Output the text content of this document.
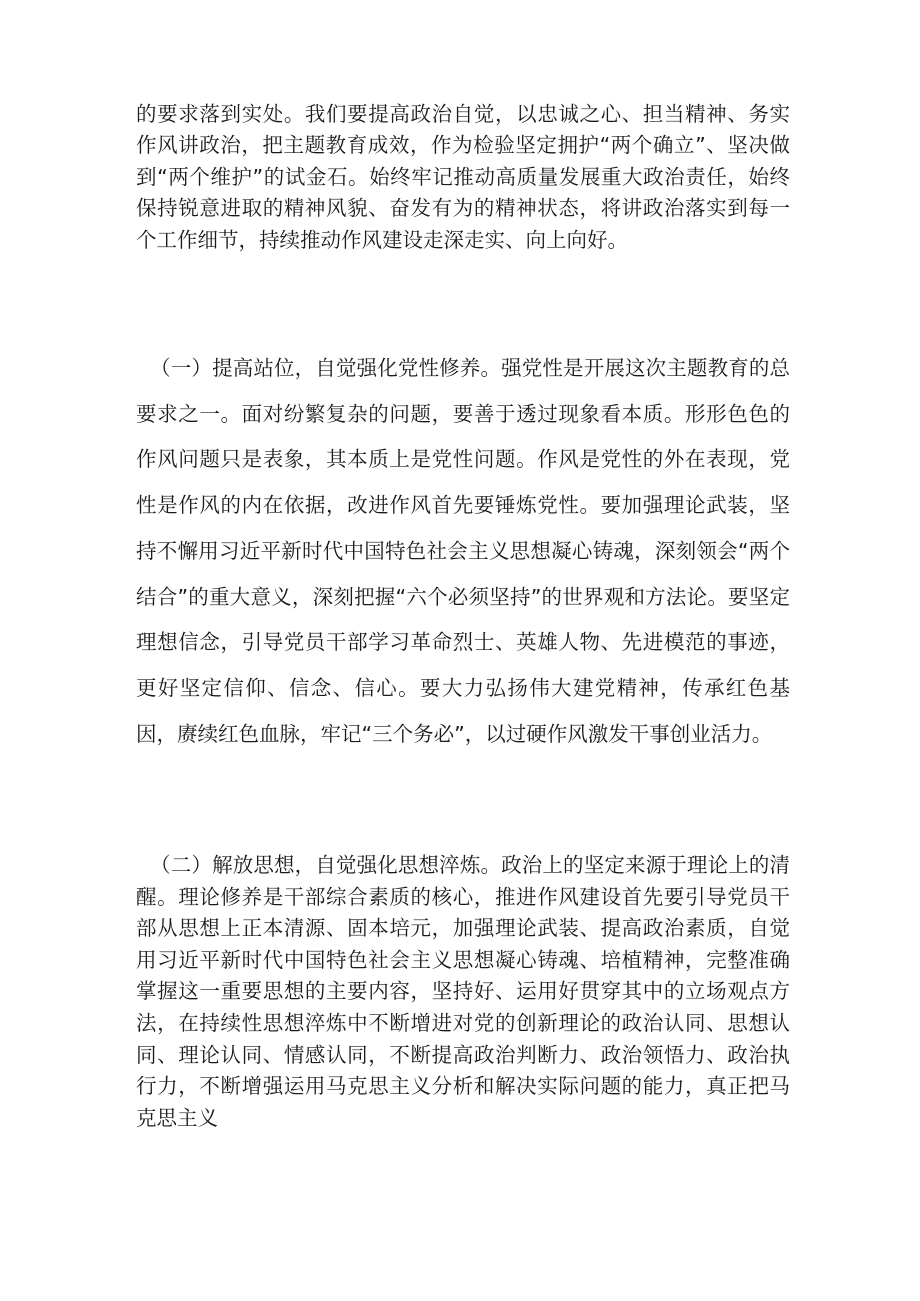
的要求落到实处。我们要提高政治自觉，以忠诚之心、担当精神、务实作风讲政治，把主题教育成效，作为检验坚定拥护“两个确立”、坚决做到“两个维护”的试金石。始终牢记推动高质量发展重大政治责任，始终保持锐意进取的精神风貌、奋发有为的精神状态，将讲政治落实到每一个工作细节，持续推动作风建设走深走实、向上向好。

（一）提高站位，自觉强化党性修养。强党性是开展这次主题教育的总要求之一。面对纷繁复杂的问题，要善于透过现象看本质。形形色色的作风问题只是表象，其本质上是党性问题。作风是党性的外在表现，党性是作风的内在依据，改进作风首先要锤炼党性。要加强理论武装，坚持不懈用习近平新时代中国特色社会主义思想凝心铸魂，深刻领会“两个结合”的重大意义，深刻把握“六个必须坚持”的世界观和方法论。要坚定理想信念，引导党员干部学习革命烈士、英雄人物、先进模范的事迹，更好坚定信仰、信念、信心。要大力弘扬伟大建党精神，传承红色基因，赓续红色血脉，牢记“三个务必”，以过硬作风激发干事创业活力。

（二）解放思想，自觉强化思想淬炼。政治上的坚定来源于理论上的清醒。理论修养是干部综合素质的核心，推进作风建设首先要引导党员干部从思想上正本清源、固本培元，加强理论武装、提高政治素质，自觉用习近平新时代中国特色社会主义思想凝心铸魂、培植精神，完整准确掌握这一重要思想的主要内容，坚持好、运用好贯穿其中的立场观点方法，在持续性思想淬炼中不断增进对党的创新理论的政治认同、思想认同、理论认同、情感认同，不断提高政治判断力、政治领悟力、政治执行力，不断增强运用马克思主义分析和解决实际问题的能力，真正把马克思主义
